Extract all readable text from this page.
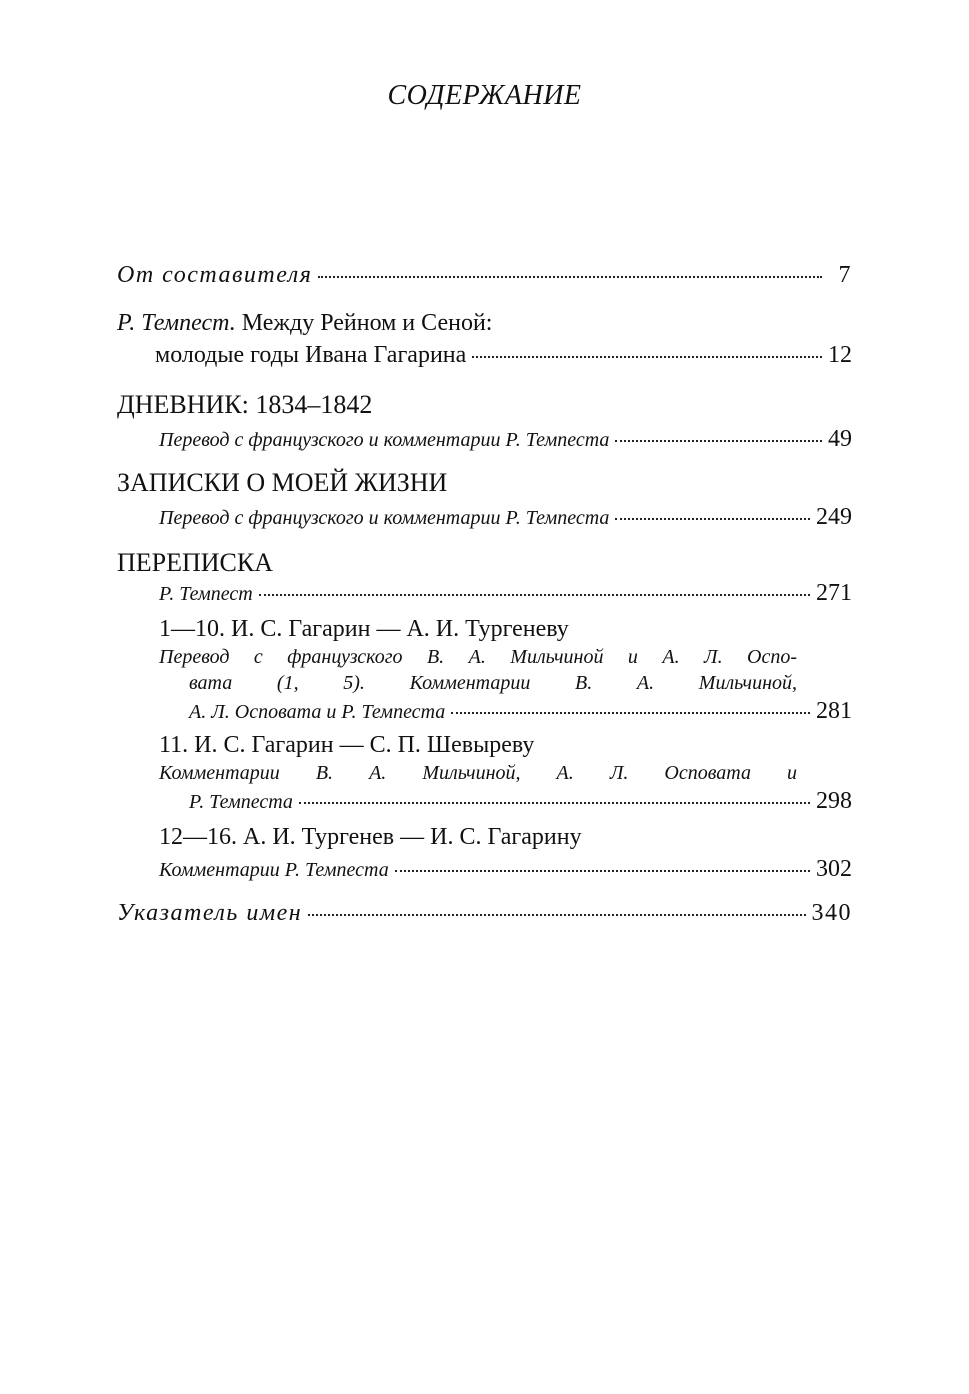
СОДЕРЖАНИЕ
От составителя	7
Р. Темпест. Между Рейном и Сеной:
молодые годы Ивана Гагарина	12
ДНЕВНИК: 1834–1842
Перевод с французского и комментарии Р. Темпеста	49
ЗАПИСКИ О МОЕЙ ЖИЗНИ
Перевод с французского и комментарии Р. Темпеста	249
ПЕРЕПИСКА
Р. Темпест	271
1—10. И. С. Гагарин — А. И. Тургеневу
Перевод с французского В. А. Мильчиной и А. Л. Оспо-
вата (1, 5). Комментарии В. А. Мильчиной,
А. Л. Осповата и Р. Темпеста	281
11. И. С. Гагарин — С. П. Шевыреву
Комментарии В. А. Мильчиной, А. Л. Осповата и
Р. Темпеста	298
12—16. А. И. Тургенев — И. С. Гагарину
Комментарии Р. Темпеста	302
Указатель имен	340
